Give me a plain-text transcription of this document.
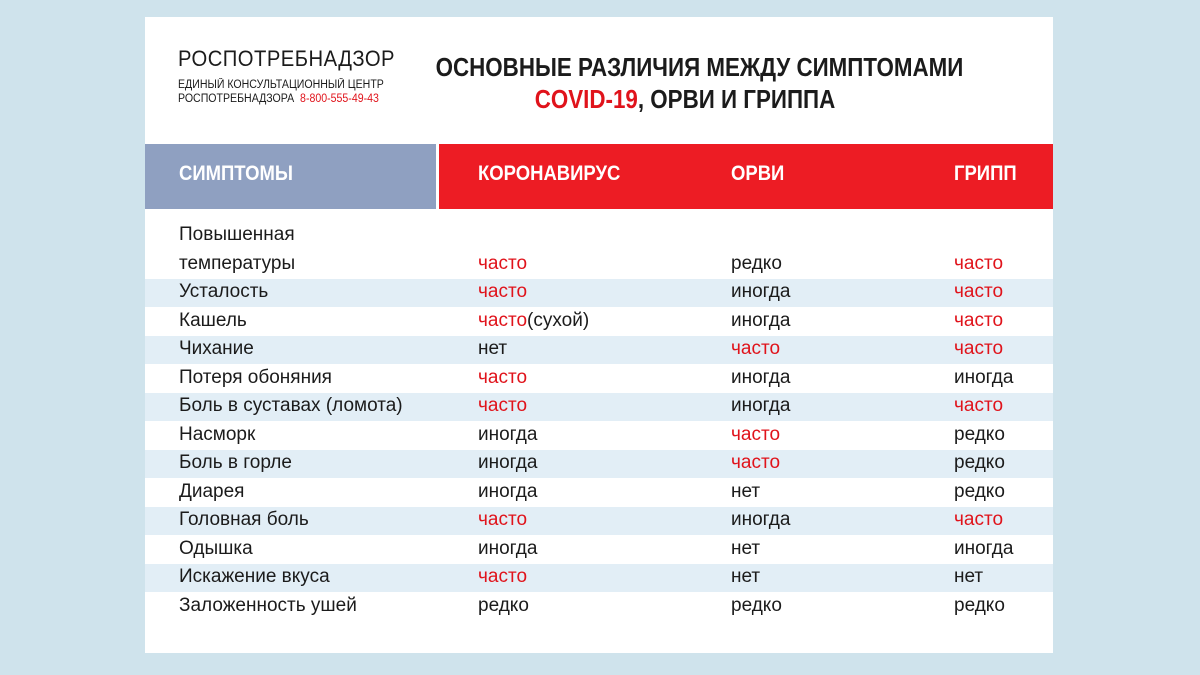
РОСПОТРЕБНАДЗОР
ЕДИНЫЙ КОНСУЛЬТАЦИОННЫЙ ЦЕНТР
РОСПОТРЕБНАДЗОРА 8-800-555-49-43
ОСНОВНЫЕ РАЗЛИЧИЯ МЕЖДУ СИМПТОМАМИ
COVID-19, ОРВИ И ГРИППА
СИМПТОМЫ	КОРОНАВИРУС	ОРВИ	ГРИПП
Повышенная
температуры	часто	редко	часто
Усталость	часто	иногда	часто
Кашель	часто(сухой)	иногда	часто
Чихание	нет	часто	часто
Потеря обоняния	часто	иногда	иногда
Боль в суставах (ломота)	часто	иногда	часто
Насморк	иногда	часто	редко
Боль в горле	иногда	часто	редко
Диарея	иногда	нет	редко
Головная боль	часто	иногда	часто
Одышка	иногда	нет	иногда
Искажение вкуса	часто	нет	нет
Заложенность ушей	редко	редко	редко
